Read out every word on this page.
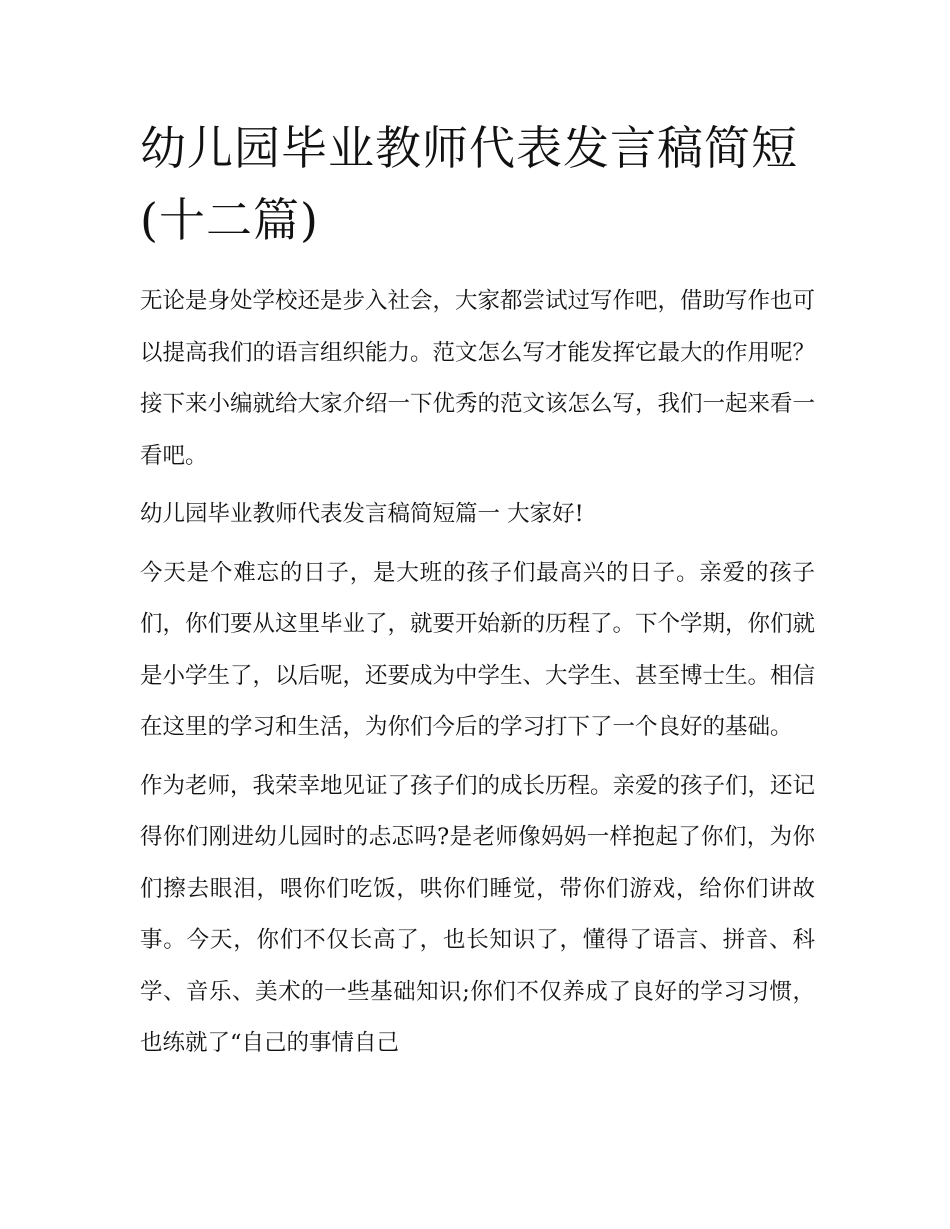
幼儿园毕业教师代表发言稿简短(十二篇)

无论是身处学校还是步入社会，大家都尝试过写作吧，借助写作也可以提高我们的语言组织能力。范文怎么写才能发挥它最大的作用呢？接下来小编就给大家介绍一下优秀的范文该怎么写，我们一起来看一看吧。

幼儿园毕业教师代表发言稿简短篇一 大家好!

今天是个难忘的日子，是大班的孩子们最高兴的日子。亲爱的孩子们，你们要从这里毕业了，就要开始新的历程了。下个学期，你们就是小学生了，以后呢，还要成为中学生、大学生、甚至博士生。相信在这里的学习和生活，为你们今后的学习打下了一个良好的基础。

作为老师，我荣幸地见证了孩子们的成长历程。亲爱的孩子们，还记得你们刚进幼儿园时的忐忑吗?是老师像妈妈一样抱起了你们，为你们擦去眼泪，喂你们吃饭，哄你们睡觉，带你们游戏，给你们讲故事。今天，你们不仅长高了，也长知识了，懂得了语言、拼音、科学、音乐、美术的一些基础知识;你们不仅养成了良好的学习习惯，也练就了“自己的事情自己
